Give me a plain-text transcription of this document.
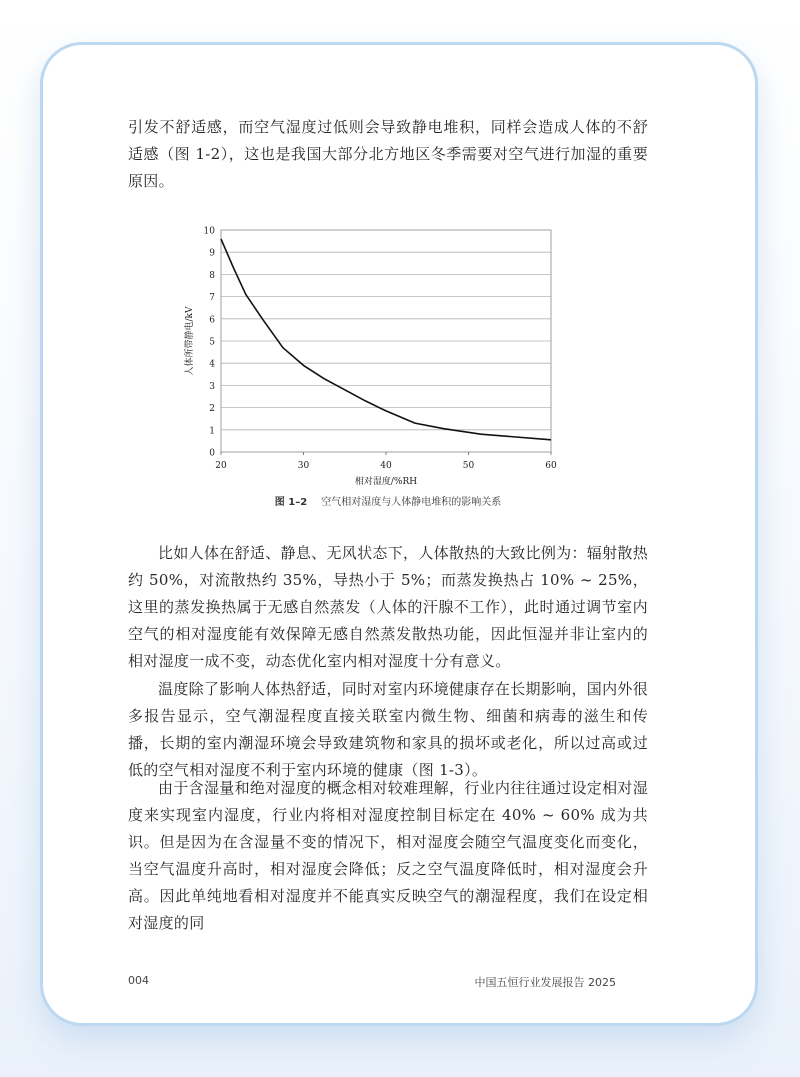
引发不舒适感，而空气湿度过低则会导致静电堆积，同样会造成人体的不舒适感（图 1-2），这也是我国大部分北方地区冬季需要对空气进行加湿的重要原因。

0
1
2
3
4
5
6
7
8
9
10
20	30	40	50	60
相对湿度/%RH
人体所带静电/kV
图 1–2 空气相对湿度与人体静电堆积的影响关系

比如人体在舒适、静息、无风状态下，人体散热的大致比例为：辐射散热约 50%，对流散热约 35%，导热小于 5%；而蒸发换热占 10% ~ 25%，这里的蒸发换热属于无感自然蒸发（人体的汗腺不工作），此时通过调节室内空气的相对湿度能有效保障无感自然蒸发散热功能，因此恒湿并非让室内的相对湿度一成不变，动态优化室内相对湿度十分有意义。

温度除了影响人体热舒适，同时对室内环境健康存在长期影响，国内外很多报告显示，空气潮湿程度直接关联室内微生物、细菌和病毒的滋生和传播，长期的室内潮湿环境会导致建筑物和家具的损坏或老化，所以过高或过低的空气相对湿度不利于室内环境的健康（图 1-3）。

由于含湿量和绝对湿度的概念相对较难理解，行业内往往通过设定相对湿度来实现室内湿度，行业内将相对湿度控制目标定在 40% ~ 60% 成为共识。但是因为在含湿量不变的情况下，相对湿度会随空气温度变化而变化，当空气温度升高时，相对湿度会降低；反之空气温度降低时，相对湿度会升高。因此单纯地看相对湿度并不能真实反映空气的潮湿程度，我们在设定相对湿度的同

004	中国五恒行业发展报告 2025
